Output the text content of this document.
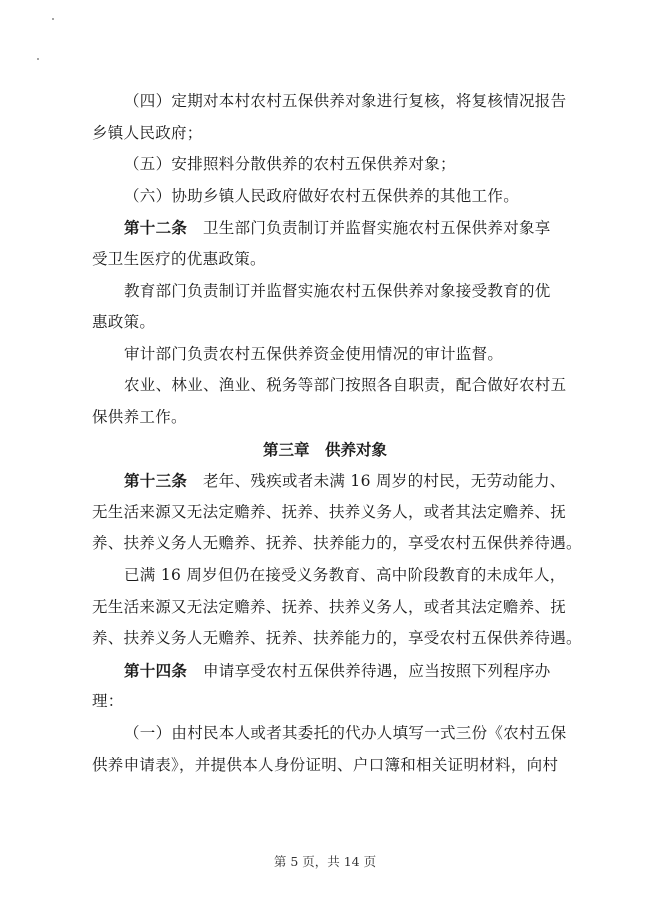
第 5 页，共 14 页
（四）定期对本村农村五保供养对象进行复核，将复核情况报告
乡镇人民政府；
（五）安排照料分散供养的农村五保供养对象；
（六）协助乡镇人民政府做好农村五保供养的其他工作。
第十二条　卫生部门负责制订并监督实施农村五保供养对象享
受卫生医疗的优惠政策。
教育部门负责制订并监督实施农村五保供养对象接受教育的优
惠政策。
审计部门负责农村五保供养资金使用情况的审计监督。
农业、林业、渔业、税务等部门按照各自职责，配合做好农村五
保供养工作。
第三章　供养对象
第十三条　老年、残疾或者未满 16 周岁的村民，无劳动能力、
无生活来源又无法定赡养、抚养、扶养义务人，或者其法定赡养、抚
养、扶养义务人无赡养、抚养、扶养能力的，享受农村五保供养待遇。
已满 16 周岁但仍在接受义务教育、高中阶段教育的未成年人，
无生活来源又无法定赡养、抚养、扶养义务人，或者其法定赡养、抚
养、扶养义务人无赡养、抚养、扶养能力的，享受农村五保供养待遇。
第十四条　申请享受农村五保供养待遇，应当按照下列程序办
理：
（一）由村民本人或者其委托的代办人填写一式三份《农村五保
供养申请表》，并提供本人身份证明、户口簿和相关证明材料，向村
